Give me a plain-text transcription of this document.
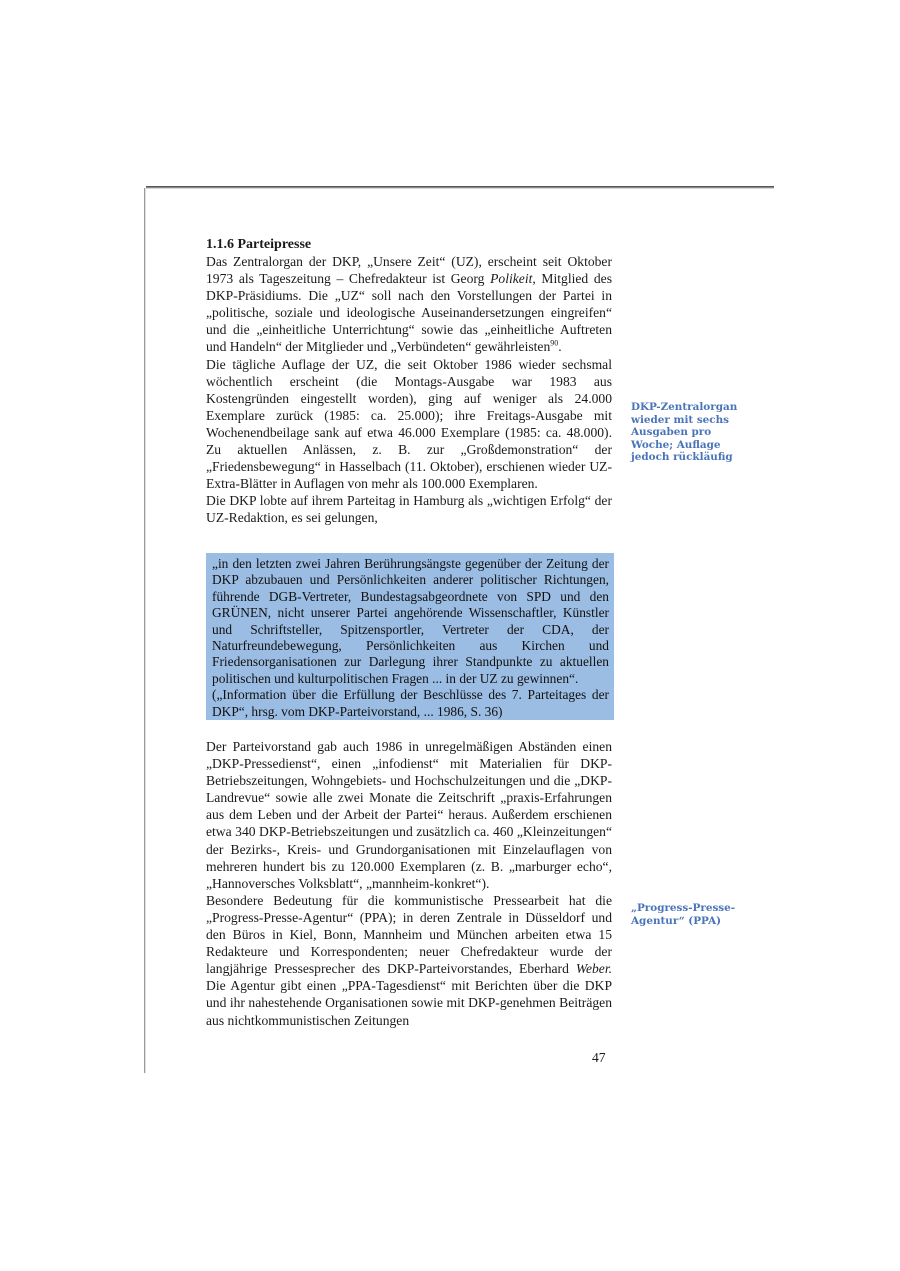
1.1.6 Parteipresse

Das Zentralorgan der DKP, „Unsere Zeit“ (UZ), erscheint seit Oktober 1973 als Tageszeitung – Chefredakteur ist Georg Polikeit, Mitglied des DKP-Präsidiums. Die „UZ“ soll nach den Vorstellungen der Partei in „politische, soziale und ideologische Auseinandersetzungen eingreifen“ und die „einheitliche Unterrichtung“ sowie das „einheitliche Auftreten und Handeln“ der Mitglieder und „Verbündeten“ gewährleisten$^{90}$.

Die tägliche Auflage der UZ, die seit Oktober 1986 wieder sechsmal wöchentlich erscheint (die Montags-Ausgabe war 1983 aus Kostengründen eingestellt worden), ging auf weniger als 24.000 Exemplare zurück (1985: ca. 25.000); ihre Freitags-Ausgabe mit Wochenendbeilage sank auf etwa 46.000 Exemplare (1985: ca. 48.000). Zu aktuellen Anlässen, z. B. zur „Großdemonstration“ der „Friedensbewegung“ in Hasselbach (11. Oktober), erschienen wieder UZ-Extra-Blätter in Auflagen von mehr als 100.000 Exemplaren.

Die DKP lobte auf ihrem Parteitag in Hamburg als „wichtigen Erfolg“ der UZ-Redaktion, es sei gelungen,

„in den letzten zwei Jahren Berührungsängste gegenüber der Zeitung der DKP abzubauen und Persönlichkeiten anderer politischer Richtungen, führende DGB-Vertreter, Bundestagsabgeordnete von SPD und den GRÜNEN, nicht unserer Partei angehörende Wissenschaftler, Künstler und Schriftsteller, Spitzensportler, Vertreter der CDA, der Naturfreundebewegung, Persönlichkeiten aus Kirchen und Friedensorganisationen zur Darlegung ihrer Standpunkte zu aktuellen politischen und kulturpolitischen Fragen ... in der UZ zu gewinnen“.

(„Information über die Erfüllung der Beschlüsse des 7. Parteitages der DKP“, hrsg. vom DKP-Parteivorstand, ... 1986, S. 36)

Der Parteivorstand gab auch 1986 in unregelmäßigen Abständen einen „DKP-Pressedienst“, einen „infodienst“ mit Materialien für DKP-Betriebszeitungen, Wohngebiets- und Hochschulzeitungen und die „DKP-Landrevue“ sowie alle zwei Monate die Zeitschrift „praxis-Erfahrungen aus dem Leben und der Arbeit der Partei“ heraus. Außerdem erschienen etwa 340 DKP-Betriebszeitungen und zusätzlich ca. 460 „Kleinzeitungen“ der Bezirks-, Kreis- und Grundorganisationen mit Einzelauflagen von mehreren hundert bis zu 120.000 Exemplaren (z. B. „marburger echo“, „Hannoversches Volksblatt“, „mannheim-konkret“).

Besondere Bedeutung für die kommunistische Pressearbeit hat die „Progress-Presse-Agentur“ (PPA); in deren Zentrale in Düsseldorf und den Büros in Kiel, Bonn, Mannheim und München arbeiten etwa 15 Redakteure und Korrespondenten; neuer Chefredakteur wurde der langjährige Pressesprecher des DKP-Parteivorstandes, Eberhard Weber. Die Agentur gibt einen „PPA-Tagesdienst“ mit Berichten über die DKP und ihr nahestehende Organisationen sowie mit DKP-genehmen Beiträgen aus nichtkommunistischen Zeitungen

DKP-Zentralorgan wieder mit sechs Ausgaben pro Woche; Auflage jedoch rückläufig
„Progress-Presse-Agentur“ (PPA)
47
